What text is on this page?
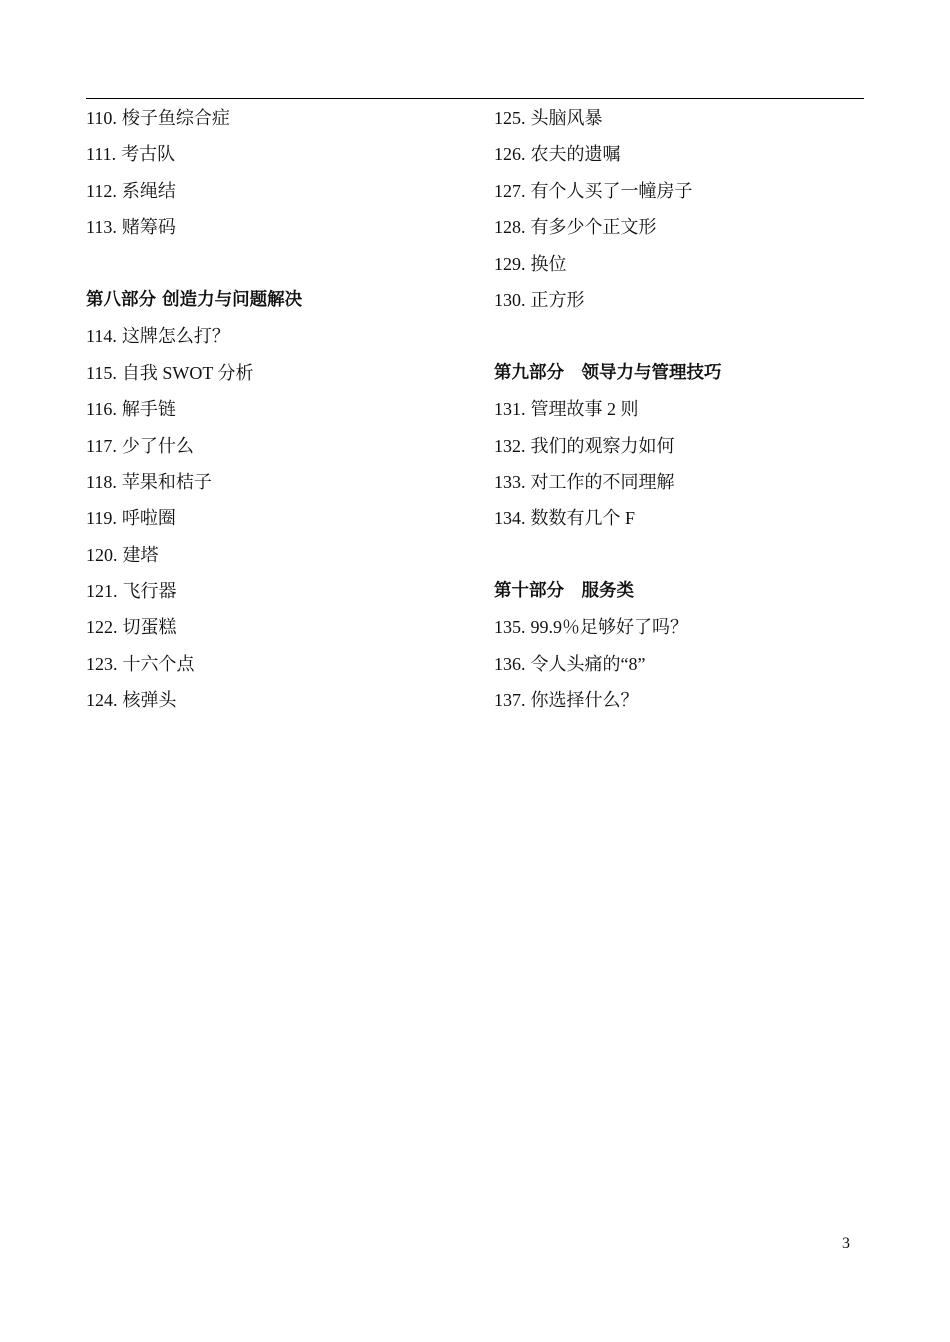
110. 梭子鱼综合症
111. 考古队
112. 系绳结
113. 赌筹码
第八部分 创造力与问题解决
114. 这牌怎么打？
115. 自我 SWOT 分析
116. 解手链
117. 少了什么
118. 苹果和桔子
119. 呼啦圈
120. 建塔
121. 飞行器
122. 切蛋糕
123. 十六个点
124. 核弹头
125. 头脑风暴
126. 农夫的遗嘱
127. 有个人买了一幢房子
128. 有多少个正文形
129. 换位
130. 正方形
第九部分　领导力与管理技巧
131. 管理故事 2 则
132. 我们的观察力如何
133. 对工作的不同理解
134. 数数有几个 F
第十部分　服务类
135. 99.9％足够好了吗？
136. 令人头痛的“8”
137. 你选择什么？
3
